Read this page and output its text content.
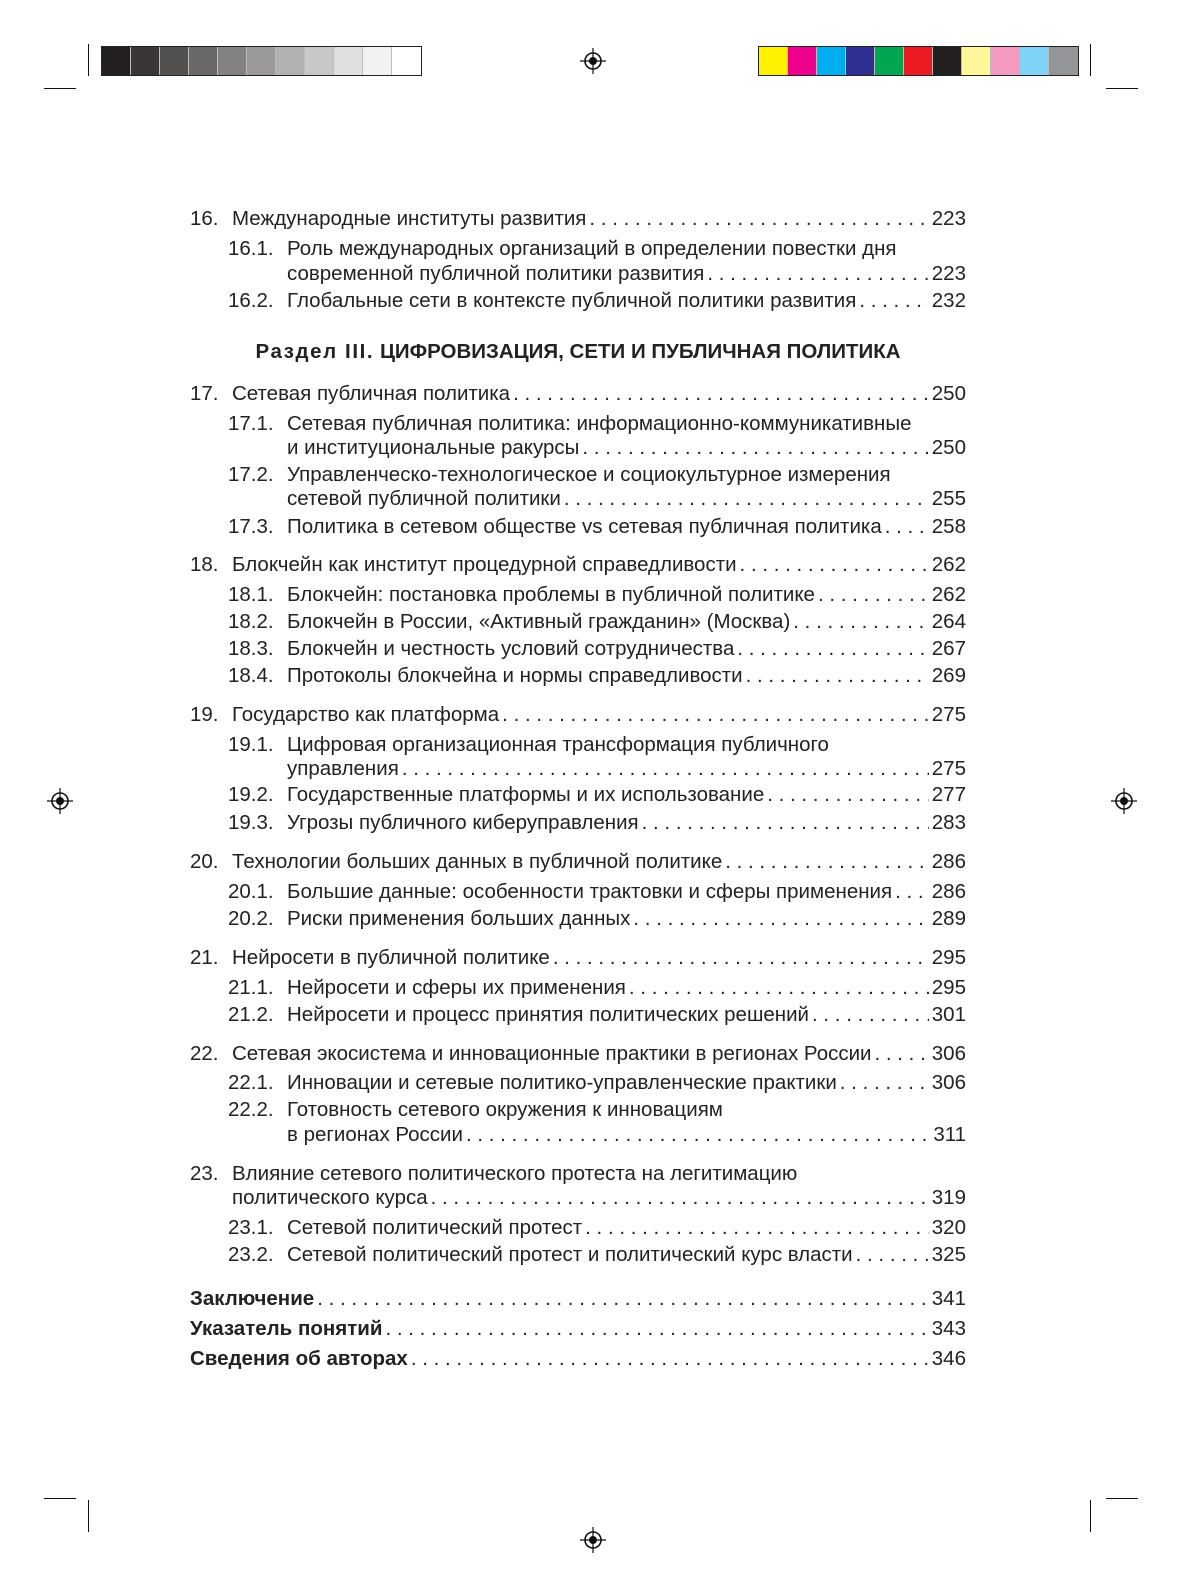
16. Международные институты развития . . .	223
16.1. Роль международных организаций в определении повестки дня
современной публичной политики развития . . .	223
16.2. Глобальные сети в контексте публичной политики развития . . .	232
Раздел III. ЦИФРОВИЗАЦИЯ, СЕТИ И ПУБЛИЧНАЯ ПОЛИТИКА
17. Сетевая публичная политика . . .	250
17.1. Сетевая публичная политика: информационно-коммуникативные
и институциональные ракурсы . . .	250
17.2. Управленческо-технологическое и социокультурное измерения
сетевой публичной политики . . .	255
17.3. Политика в сетевом обществе vs сетевая публичная политика . . . 258
18. Блокчейн как институт процедурной справедливости . . .	262
18.1. Блокчейн: постановка проблемы в публичной политике . . .	262
18.2. Блокчейн в России, «Активный гражданин» (Москва) . . .	264
18.3. Блокчейн и честность условий сотрудничества . . .	267
18.4. Протоколы блокчейна и нормы справедливости . . .	269
19. Государство как платформа . . .	275
19.1. Цифровая организационная трансформация публичного
управления . . .	275
19.2. Государственные платформы и их использование . . .	277
19.3. Угрозы публичного киберуправления . . .	283
20. Технологии больших данных в публичной политике . . .	286
20.1. Большие данные: особенности трактовки и сферы применения . . . 286
20.2. Риски применения больших данных . . .	289
21. Нейросети в публичной политике . . .	295
21.1. Нейросети и сферы их применения . . .	295
21.2. Нейросети и процесс принятия политических решений . . .	301
22. Сетевая экосистема и инновационные практики в регионах России . . .	306
22.1. Инновации и сетевые политико-управленческие практики . . .	306
22.2. Готовность сетевого окружения к инновациям
в регионах России . . .	311
23. Влияние сетевого политического протеста на легитимацию
политического курса . . .	319
23.1. Сетевой политический протест . . .	320
23.2. Сетевой политический протест и политический курс власти . . .	325
Заключение . . .	341
Указатель понятий . . .	343
Сведения об авторах . . .	346
